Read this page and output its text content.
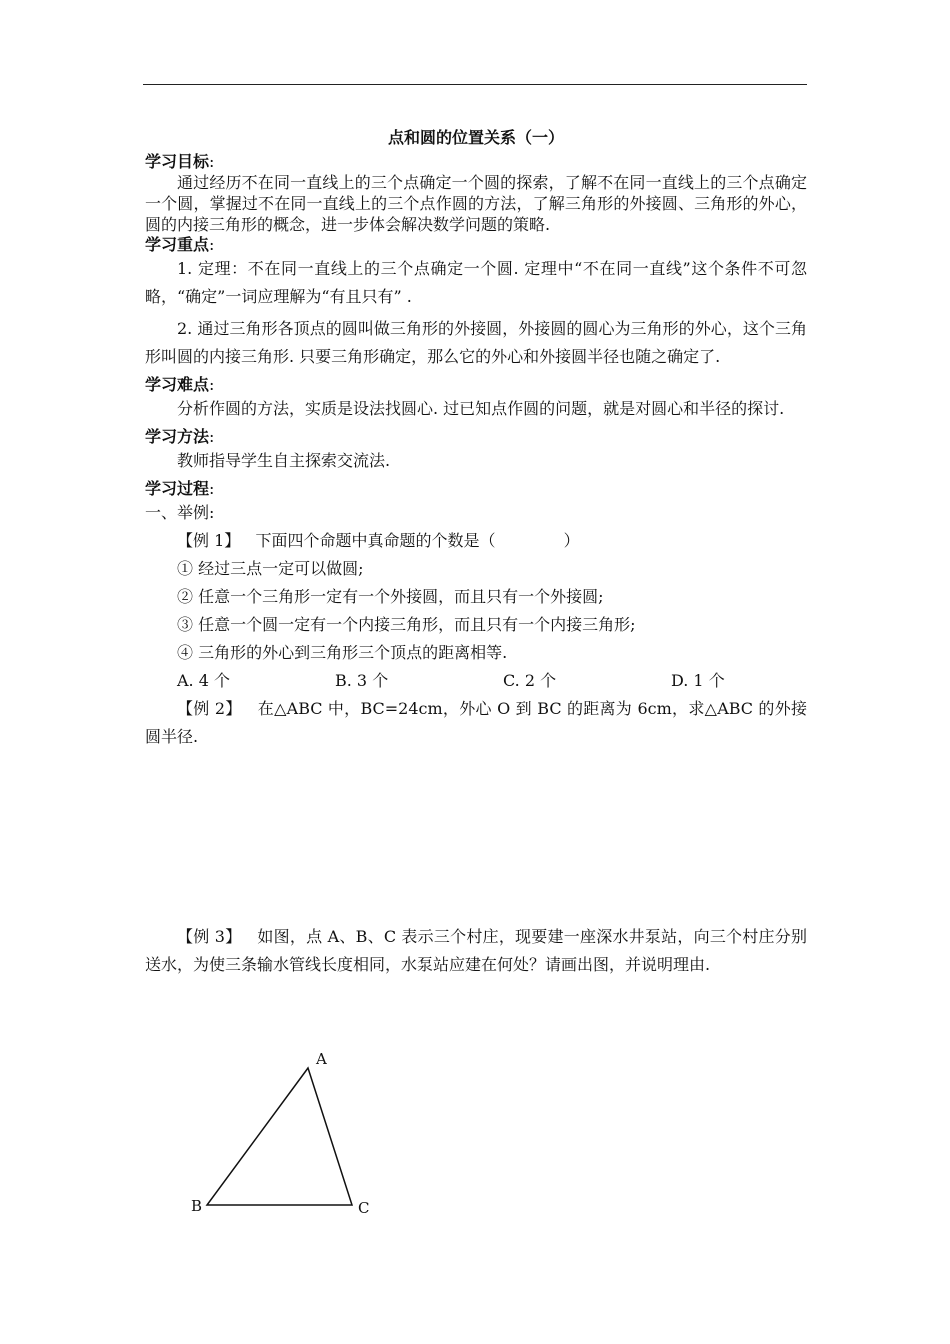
点和圆的位置关系（一）

学习目标:

通过经历不在同一直线上的三个点确定一个圆的探索，了解不在同一直线上的三个点确定一个圆，掌握过不在同一直线上的三个点作圆的方法，了解三角形的外接圆、三角形的外心，圆的内接三角形的概念，进一步体会解决数学问题的策略.

学习重点:

1. 定理：不在同一直线上的三个点确定一个圆. 定理中“不在同一直线”这个条件不可忽略，“确定”一词应理解为“有且只有” .

2. 通过三角形各顶点的圆叫做三角形的外接圆，外接圆的圆心为三角形的外心，这个三角形叫圆的内接三角形. 只要三角形确定，那么它的外心和外接圆半径也随之确定了.

学习难点:

分析作圆的方法，实质是设法找圆心. 过已知点作圆的问题，就是对圆心和半径的探讨.

学习方法:

教师指导学生自主探索交流法.

学习过程:

一、举例:

【例 1】 下面四个命题中真命题的个数是（	）

① 经过三点一定可以做圆;

② 任意一个三角形一定有一个外接圆，而且只有一个外接圆;

③ 任意一个圆一定有一个内接三角形，而且只有一个内接三角形;

④ 三角形的外心到三角形三个顶点的距离相等.

A. 4 个	B. 3 个	C. 2 个	D. 1 个

【例 2】 在△ABC 中，BC=24cm，外心 O 到 BC 的距离为 6cm，求△ABC 的外接圆半径.

【例 3】 如图，点 A、B、C 表示三个村庄，现要建一座深水井泵站，向三个村庄分别送水，为使三条输水管线长度相同，水泵站应建在何处？请画出图，并说明理由.

A
B	C
